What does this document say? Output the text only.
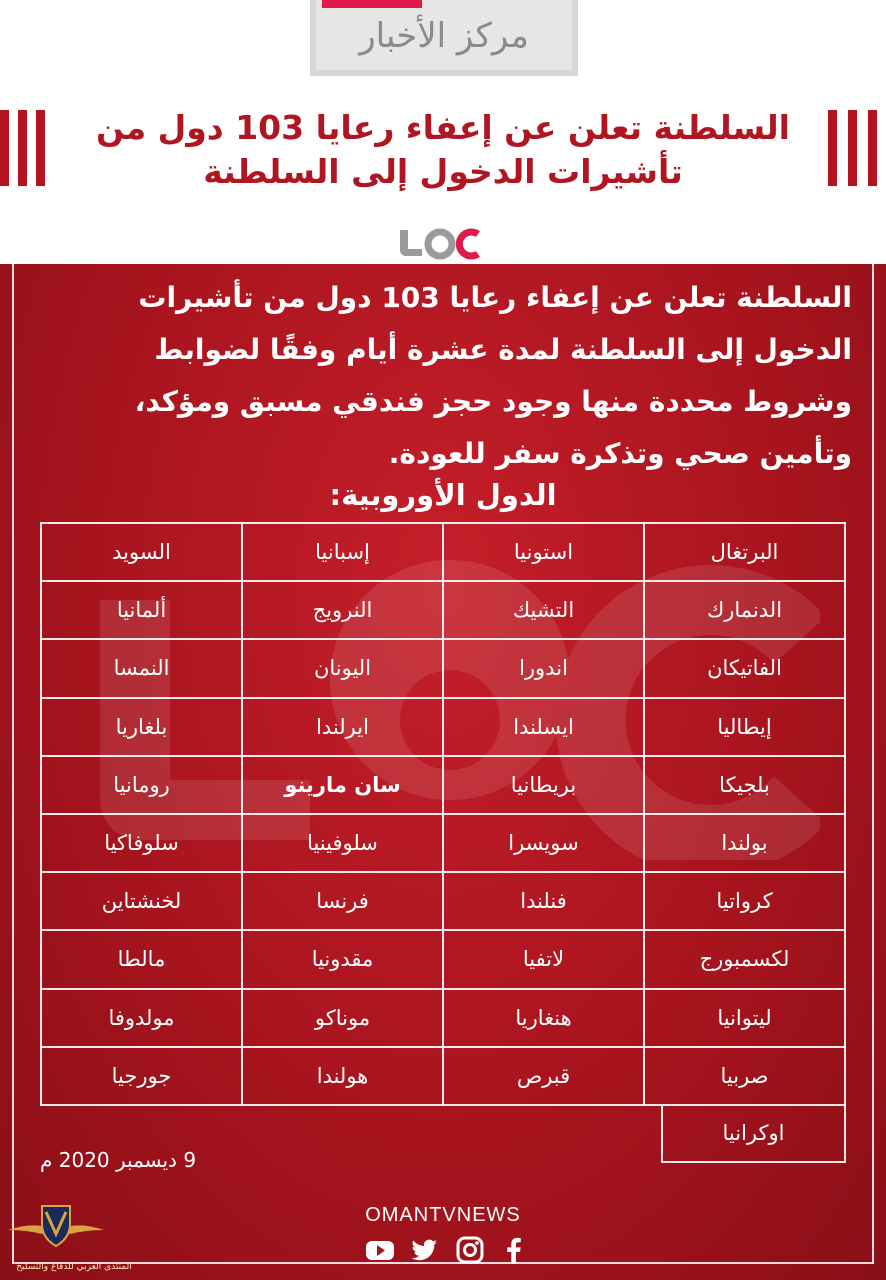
مركز الأخبار
السلطنة تعلن عن إعفاء رعايا 103 دول من
تأشيرات الدخول إلى السلطنة
السلطنة تعلن عن إعفاء رعايا 103 دول من تأشيرات الدخول إلى السلطنة لمدة عشرة أيام وفقًا لضوابط وشروط محددة منها وجود حجز فندقي مسبق ومؤكد، وتأمين صحي وتذكرة سفر للعودة.
الدول الأوروبية:
البرتغال	استونيا	إسبانيا	السويد
الدنمارك	التشيك	النرويج	ألمانيا
الفاتيكان	اندورا	اليونان	النمسا
إيطاليا	ايسلندا	ايرلندا	بلغاريا
بلجيكا	بريطانيا	سان مارينو	رومانيا
بولندا	سويسرا	سلوفينيا	سلوفاكيا
كرواتيا	فنلندا	فرنسا	لخنشتاين
لكسمبورج	لاتفيا	مقدونيا	مالطا
ليتوانيا	هنغاريا	موناكو	مولدوفا
صربيا	قبرص	هولندا	جورجيا
اوكرانيا
9 ديسمبر 2020 م
OMANTVNEWS
المنتدى العربي للدفاع والتسليح
